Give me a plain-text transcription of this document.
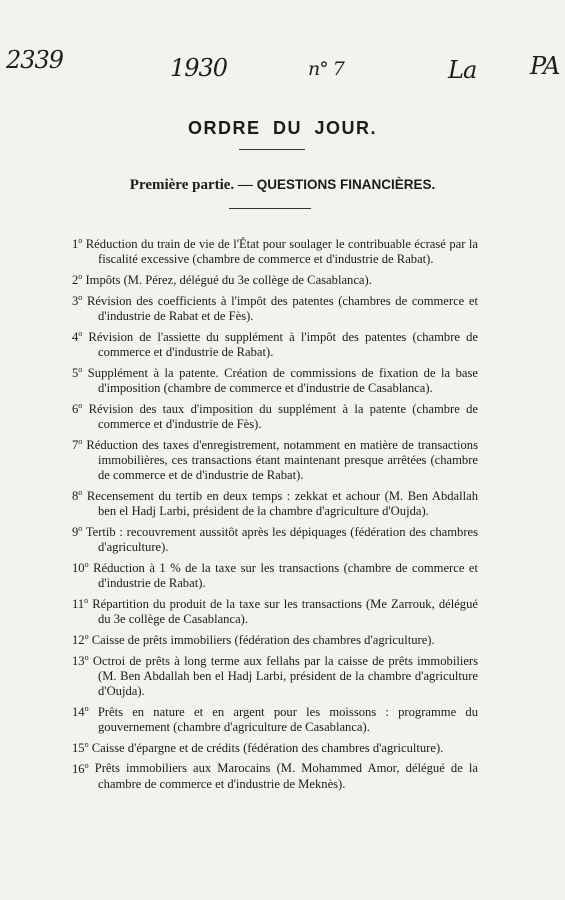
2339	1930	n° 7	La PA
ORDRE DU JOUR.
Première partie. — QUESTIONS FINANCIÈRES.
1$^o$ Réduction du train de vie de l'État pour soulager le contribuable écrasé par la fiscalité excessive (chambre de commerce et d'industrie de Rabat).
2$^o$ Impôts (M. Pérez, délégué du 3e collège de Casablanca).
3$^o$ Révision des coefficients à l'impôt des patentes (chambres de commerce et d'industrie de Rabat et de Fès).
4$^o$ Révision de l'assiette du supplément à l'impôt des patentes (chambre de commerce et d'industrie de Rabat).
5$^o$ Supplément à la patente. Création de commissions de fixation de la base d'imposition (chambre de commerce et d'industrie de Casablanca).
6$^o$ Révision des taux d'imposition du supplément à la patente (chambre de commerce et d'industrie de Fès).
7$^o$ Réduction des taxes d'enregistrement, notamment en matière de transactions immobilières, ces transactions étant maintenant presque arrêtées (chambre de commerce et de d'industrie de Rabat).
8$^o$ Recensement du tertib en deux temps : zekkat et achour (M. Ben Abdallah ben el Hadj Larbi, président de la chambre d'agriculture d'Oujda).
9$^o$ Tertib : recouvrement aussitôt après les dépiquages (fédération des chambres d'agriculture).
10$^o$ Réduction à 1 % de la taxe sur les transactions (chambre de commerce et d'industrie de Rabat).
11$^o$ Répartition du produit de la taxe sur les transactions (Me Zarrouk, délégué du 3e collège de Casablanca).
12$^o$ Caisse de prêts immobiliers (fédération des chambres d'agriculture).
13$^o$ Octroi de prêts à long terme aux fellahs par la caisse de prêts immobiliers (M. Ben Abdallah ben el Hadj Larbi, président de la chambre d'agriculture d'Oujda).
14$^o$ Prêts en nature et en argent pour les moissons : programme du gouvernement (chambre d'agriculture de Casablanca).
15$^o$ Caisse d'épargne et de crédits (fédération des chambres d'agriculture).
16$^o$ Prêts immobiliers aux Marocains (M. Mohammed Amor, délégué de la chambre de commerce et d'industrie de Meknès).
